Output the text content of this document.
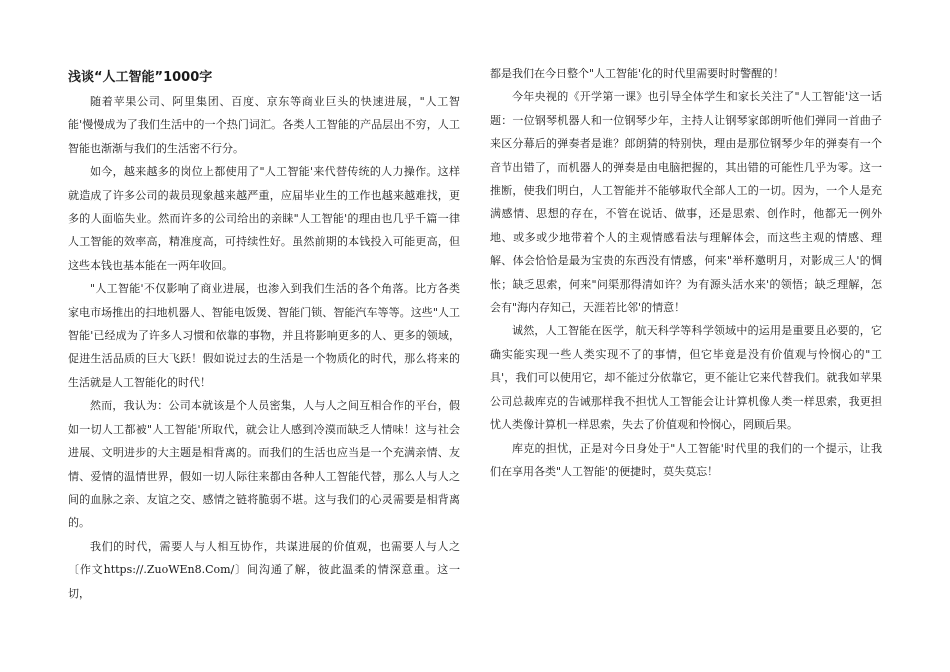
浅谈“人工智能”1000字

随着苹果公司、阿里集团、百度、京东等商业巨头的快速进展，"人工智能'慢慢成为了我们生活中的一个热门词汇。各类人工智能的产品层出不穷，人工智能也渐渐与我们的生活密不行分。

如今，越来越多的岗位上都使用了"人工智能'来代替传统的人力操作。这样就造成了许多公司的裁员现象越来越严重，应届毕业生的工作也越来越难找，更多的人面临失业。然而许多的公司给出的亲睐"人工智能'的理由也几乎千篇一律人工智能的效率高，精准度高，可持续性好。虽然前期的本钱投入可能更高，但这些本钱也基本能在一两年收回。

"人工智能'不仅影响了商业进展，也渗入到我们生活的各个角落。比方各类家电市场推出的扫地机器人、智能电饭煲、智能门锁、智能汽车等等。这些"人工智能'已经成为了许多人习惯和依靠的事物，并且将影响更多的人、更多的领域，促进生活品质的巨大飞跃！假如说过去的生活是一个物质化的时代，那么将来的生活就是人工智能化的时代！

然而，我认为：公司本就该是个人员密集，人与人之间互相合作的平台，假如一切人工都被"人工智能'所取代，就会让人感到冷漠而缺乏人情味！这与社会进展、文明进步的大主题是相背离的。而我们的生活也应当是一个充满亲情、友情、爱情的温情世界，假如一切人际往来都由各种人工智能代替，那么人与人之间的血脉之亲、友谊之交、感情之链将脆弱不堪。这与我们的心灵需要是相背离的。

我们的时代，需要人与人相互协作，共谋进展的价值观，也需要人与人之〔作文https://.ZuoWEn8.Com/〕间沟通了解，彼此温柔的情深意重。这一切，

都是我们在今日整个"人工智能'化的时代里需要时时警醒的！

今年央视的《开学第一课》也引导全体学生和家长关注了"人工智能'这一话题：一位钢琴机器人和一位钢琴少年，主持人让钢琴家郎朗听他们弹同一首曲子来区分幕后的弹奏者是谁？郎朗猜的特别快，理由是那位钢琴少年的弹奏有一个音节出错了，而机器人的弹奏是由电脑把握的，其出错的可能性几乎为零。这一推断，使我们明白，人工智能并不能够取代全部人工的一切。因为，一个人是充满感情、思想的存在，不管在说话、做事，还是思索、创作时，他都无一例外地、或多或少地带着个人的主观情感看法与理解体会，而这些主观的情感、理解、体会恰恰是最为宝贵的东西没有情感，何来"举杯邀明月，对影成三人'的惆怅；缺乏思索，何来"问渠那得清如许？为有源头活水来'的领悟；缺乏理解，怎会有"海内存知己，天涯若比邻'的情意！

诚然，人工智能在医学，航天科学等科学领域中的运用是重要且必要的，它确实能实现一些人类实现不了的事情，但它毕竟是没有价值观与怜悯心的"工具'，我们可以使用它，却不能过分依靠它，更不能让它来代替我们。就我如苹果公司总裁库克的告诫那样我不担忧人工智能会让计算机像人类一样思索，我更担忧人类像计算机一样思索，失去了价值观和怜悯心，罔顾后果。

库克的担忧，正是对今日身处于"人工智能'时代里的我们的一个提示，让我们在享用各类"人工智能'的便捷时，莫失莫忘！
